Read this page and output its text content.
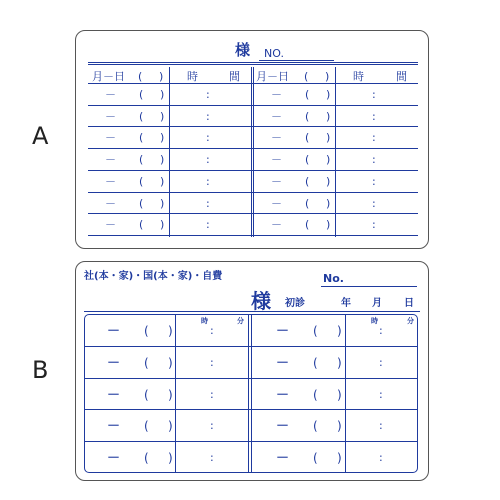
A
B
様 NO.
月－日 ( ) 時	間 月－日 ( ) 時	間
－ ( )	:	－ ( )	:
－ ( )	:	－ ( )	:
－ ( )	:	－ ( )	:
－ ( )	:	－ ( )	:
－ ( )	:	－ ( )	:
－ ( )	:	－ ( )	:
－ ( )	:	－ ( )	:
社(本・家)・国(本・家)・自費	No.
様 初診	年 月 日
時	分	時	分
－ ( )	:	－ ( )	:
－ ( )	:	－ ( )	:
－ ( )	:	－ ( )	:
－ ( )	:	－ ( )	:
－ ( )	:	－ ( )	:
